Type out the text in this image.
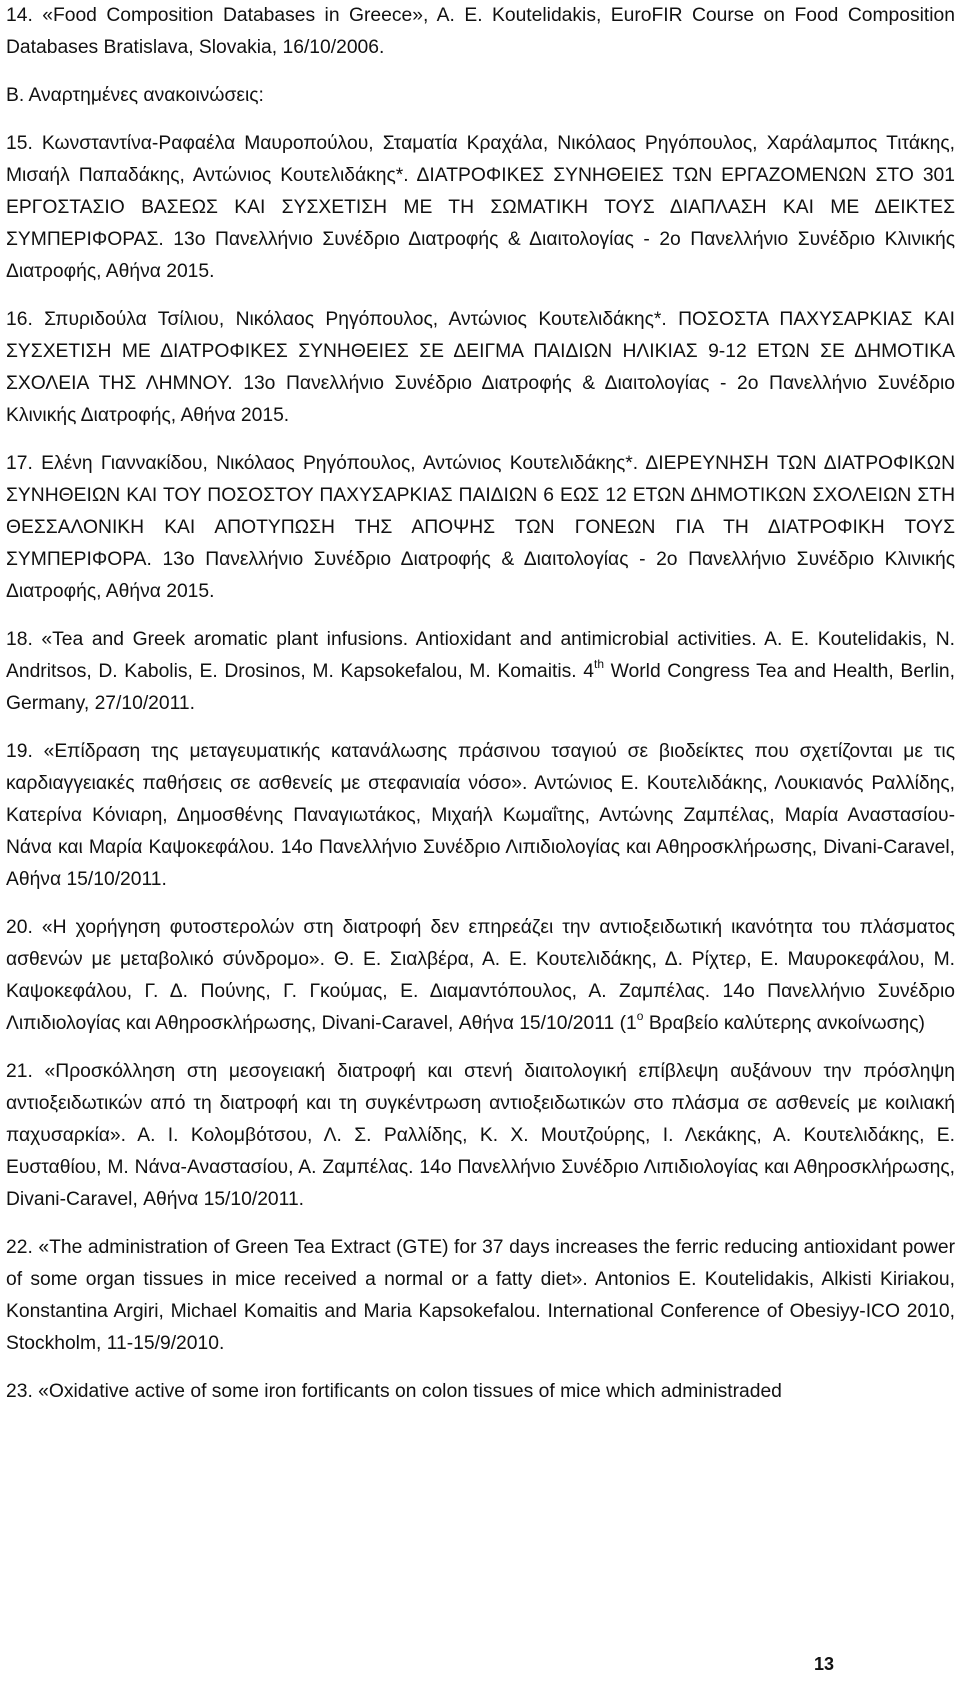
14. «Food Composition Databases in Greece», A. E. Koutelidakis, EuroFIR Course on Food Composition Databases Bratislava, Slovakia, 16/10/2006.

Β. Αναρτημένες ανακοινώσεις:

15. Κωνσταντίνα-Ραφαέλα Μαυροπούλου, Σταματία Κραχάλα, Νικόλαος Ρηγόπουλος, Χαράλαμπος Τιτάκης, Μισαήλ Παπαδάκης, Αντώνιος Κουτελιδάκης*. ΔΙΑΤΡΟΦΙΚΕΣ ΣΥΝΗΘΕΙΕΣ ΤΩΝ ΕΡΓΑΖΟΜΕΝΩΝ ΣΤΟ 301 ΕΡΓΟΣΤΑΣΙΟ ΒΑΣΕΩΣ ΚΑΙ ΣΥΣΧΕΤΙΣΗ ΜΕ ΤΗ ΣΩΜΑΤΙΚΗ ΤΟΥΣ ΔΙΑΠΛΑΣΗ ΚΑΙ ΜΕ ΔΕΙΚΤΕΣ ΣΥΜΠΕΡΙΦΟΡΑΣ. 13ο Πανελλήνιο Συνέδριο Διατροφής & Διαιτολογίας - 2ο Πανελλήνιο Συνέδριο Κλινικής Διατροφής, Αθήνα 2015.

16. Σπυριδούλα Τσίλιου, Νικόλαος Ρηγόπουλος, Αντώνιος Κουτελιδάκης*. ΠΟΣΟΣΤΑ ΠΑΧΥΣΑΡΚΙΑΣ ΚΑΙ ΣΥΣΧΕΤΙΣΗ ΜΕ ΔΙΑΤΡΟΦΙΚΕΣ ΣΥΝΗΘΕΙΕΣ ΣΕ ΔΕΙΓΜΑ ΠΑΙΔΙΩΝ ΗΛΙΚΙΑΣ 9-12 ΕΤΩΝ ΣΕ ΔΗΜΟΤΙΚΑ ΣΧΟΛΕΙΑ ΤΗΣ ΛΗΜΝΟΥ. 13ο Πανελλήνιο Συνέδριο Διατροφής & Διαιτολογίας - 2ο Πανελλήνιο Συνέδριο Κλινικής Διατροφής, Αθήνα 2015.

17. Ελένη Γιαννακίδου, Νικόλαος Ρηγόπουλος, Αντώνιος Κουτελιδάκης*. ΔΙΕΡΕΥΝΗΣΗ ΤΩΝ ΔΙΑΤΡΟΦΙΚΩΝ ΣΥΝΗΘΕΙΩΝ ΚΑΙ ΤΟΥ ΠΟΣΟΣΤΟΥ ΠΑΧΥΣΑΡΚΙΑΣ ΠΑΙΔΙΩΝ 6 ΕΩΣ 12 ΕΤΩΝ ΔΗΜΟΤΙΚΩΝ ΣΧΟΛΕΙΩΝ ΣΤΗ ΘΕΣΣΑΛΟΝΙΚΗ ΚΑΙ ΑΠΟΤΥΠΩΣΗ ΤΗΣ ΑΠΟΨΗΣ ΤΩΝ ΓΟΝΕΩΝ ΓΙΑ ΤΗ ΔΙΑΤΡΟΦΙΚΗ ΤΟΥΣ ΣΥΜΠΕΡΙΦΟΡΑ. 13ο Πανελλήνιο Συνέδριο Διατροφής & Διαιτολογίας - 2ο Πανελλήνιο Συνέδριο Κλινικής Διατροφής, Αθήνα 2015.

18. «Tea and Greek aromatic plant infusions. Antioxidant and antimicrobial activities. A. E. Koutelidakis, N. Andritsos, D. Kabolis, E. Drosinos, M. Kapsokefalou, M. Komaitis. 4th World Congress Tea and Health, Berlin, Germany, 27/10/2011.

19. «Επίδραση της μεταγευματικής κατανάλωσης πράσινου τσαγιού σε βιοδείκτες που σχετίζονται με τις καρδιαγγειακές παθήσεις σε ασθενείς με στεφανιαία νόσο». Αντώνιος Ε. Κουτελιδάκης, Λουκιανός Ραλλίδης, Κατερίνα Κόνιαρη, Δημοσθένης Παναγιωτάκος, Μιχαήλ Κωμαΐτης, Αντώνης Ζαμπέλας, Μαρία Αναστασίου-Νάνα και Μαρία Καψοκεφάλου. 14ο Πανελλήνιο Συνέδριο Λιπιδιολογίας και Αθηροσκλήρωσης, Divani-Caravel, Αθήνα 15/10/2011.

20. «Η χορήγηση φυτοστερολών στη διατροφή δεν επηρεάζει την αντιοξειδωτική ικανότητα του πλάσματος ασθενών με μεταβολικό σύνδρομο». Θ. Ε. Σιαλβέρα, Α. Ε. Κουτελιδάκης, Δ. Ρίχτερ, Ε. Μαυροκεφάλου, Μ. Καψοκεφάλου, Γ. Δ. Πούνης, Γ. Γκούμας, Ε. Διαμαντόπουλος, Α. Ζαμπέλας. 14ο Πανελλήνιο Συνέδριο Λιπιδιολογίας και Αθηροσκλήρωσης, Divani-Caravel, Αθήνα 15/10/2011 ($1^o$ Βραβείο καλύτερης ανκοίνωσης)

21. «Προσκόλληση στη μεσογειακή διατροφή και στενή διαιτολογική επίβλεψη αυξάνουν την πρόσληψη αντιοξειδωτικών από τη διατροφή και τη συγκέντρωση αντιοξειδωτικών στο πλάσμα σε ασθενείς με κοιλιακή παχυσαρκία». Α. Ι. Κολομβότσου, Λ. Σ. Ραλλίδης, Κ. Χ. Μουτζούρης, Ι. Λεκάκης, Α. Κουτελιδάκης, Ε. Ευσταθίου, Μ. Νάνα-Αναστασίου, Α. Ζαμπέλας. 14ο Πανελλήνιο Συνέδριο Λιπιδιολογίας και Αθηροσκλήρωσης, Divani-Caravel, Αθήνα 15/10/2011.

22. «The administration of Green Tea Extract (GTE) for 37 days increases the ferric reducing antioxidant power of some organ tissues in mice received a normal or a fatty diet». Antonios E. Koutelidakis, Alkisti Kiriakou, Konstantina Argiri, Michael Komaitis and Maria Kapsokefalou. International Conference of Obesiyy-ICO 2010, Stockholm, 11-15/9/2010.

23. «Oxidative active of some iron fortificants on colon tissues of mice which administraded

13
